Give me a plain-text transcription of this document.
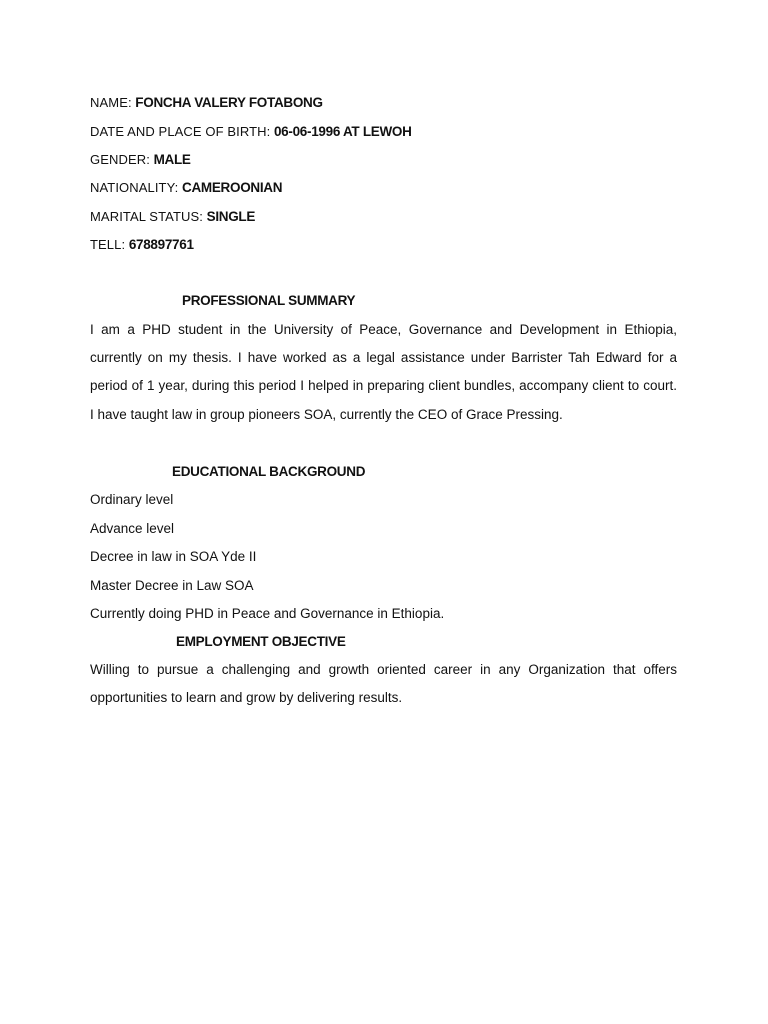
NAME: FONCHA VALERY FOTABONG
DATE AND PLACE OF BIRTH: 06-06-1996 AT LEWOH
GENDER: MALE
NATIONALITY: CAMEROONIAN
MARITAL STATUS: SINGLE
TELL: 678897761
PROFESSIONAL SUMMARY
I am a PHD student in the University of Peace, Governance and Development in Ethiopia, currently on my thesis. I have worked as a legal assistance under Barrister Tah Edward for a period of 1 year, during this period I helped in preparing client bundles, accompany client to court. I have taught law in group pioneers SOA, currently the CEO of Grace Pressing.
EDUCATIONAL BACKGROUND
Ordinary level
Advance level
Decree in law in SOA Yde II
Master Decree in Law SOA
Currently doing PHD in Peace and Governance in Ethiopia.
EMPLOYMENT OBJECTIVE
Willing to pursue a challenging and growth oriented career in any Organization that offers opportunities to learn and grow by delivering results.
